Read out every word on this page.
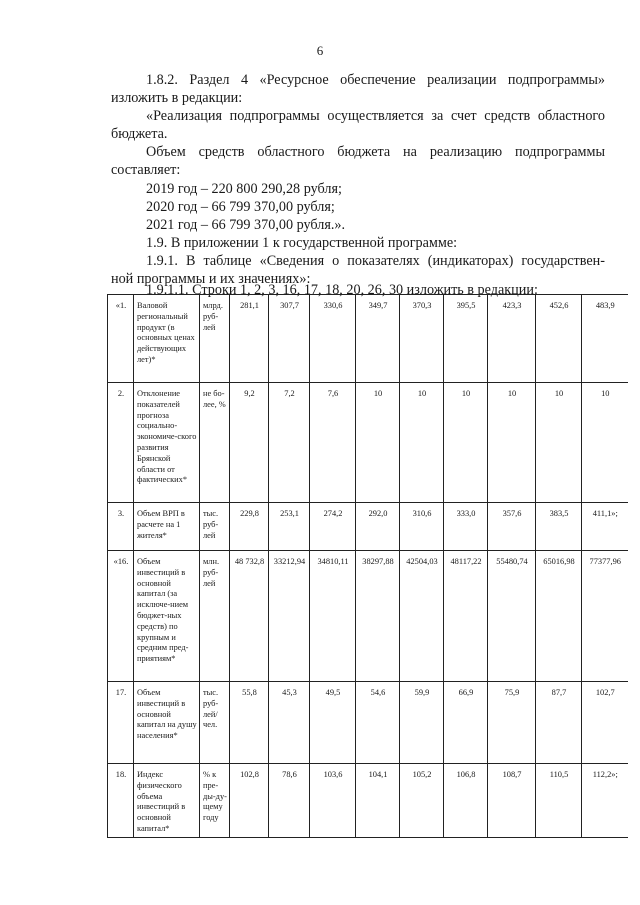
6
1.8.2. Раздел 4 «Ресурсное обеспечение реализации подпрограммы»
изложить в редакции:
«Реализация подпрограммы осуществляется за счет средств областного
бюджета.
Объем средств областного бюджета на реализацию подпрограммы
составляет:
2019 год – 220 800 290,28 рубля;
2020 год – 66 799 370,00 рубля;
2021 год – 66 799 370,00 рубля.».
1.9. В приложении 1 к государственной программе:
1.9.1. В таблице «Сведения о показателях (индикаторах) государствен-
ной программы и их значениях»:
1.9.1.1. Строки 1, 2, 3, 16, 17, 18, 20, 26, 30 изложить в редакции:
«1.	Валовой региональный продукт (в основных ценах действующих лет)*	млрд. руб-лей	281,1	307,7	330,6	349,7	370,3	395,5	423,3	452,6	483,9
2.	Отклонение показателей прогноза социально-экономиче-ского развития Брянской области от фактических*	не бо-лее, %	9,2	7,2	7,6	10	10	10	10	10	10
3.	Объем ВРП в расчете на 1 жителя*	тыс. руб-лей	229,8	253,1	274,2	292,0	310,6	333,0	357,6	383,5	411,1»;
«16.	Объем инвестиций в основной капитал (за исключе-нием бюджет-ных средств) по крупным и средним пред-приятиям*	млн. руб-лей	48 732,8	33212,94	34810,11	38297,88	42504,03	48117,22	55480,74	65016,98	77377,96
17.	Объем инвестиций в основной капитал на душу населения*	тыс. руб-лей/ чел.	55,8	45,3	49,5	54,6	59,9	66,9	75,9	87,7	102,7
18.	Индекс физического объема инвестиций в основной капитал*	% к пре-ды-ду-щему году	102,8	78,6	103,6	104,1	105,2	106,8	108,7	110,5	112,2»;
